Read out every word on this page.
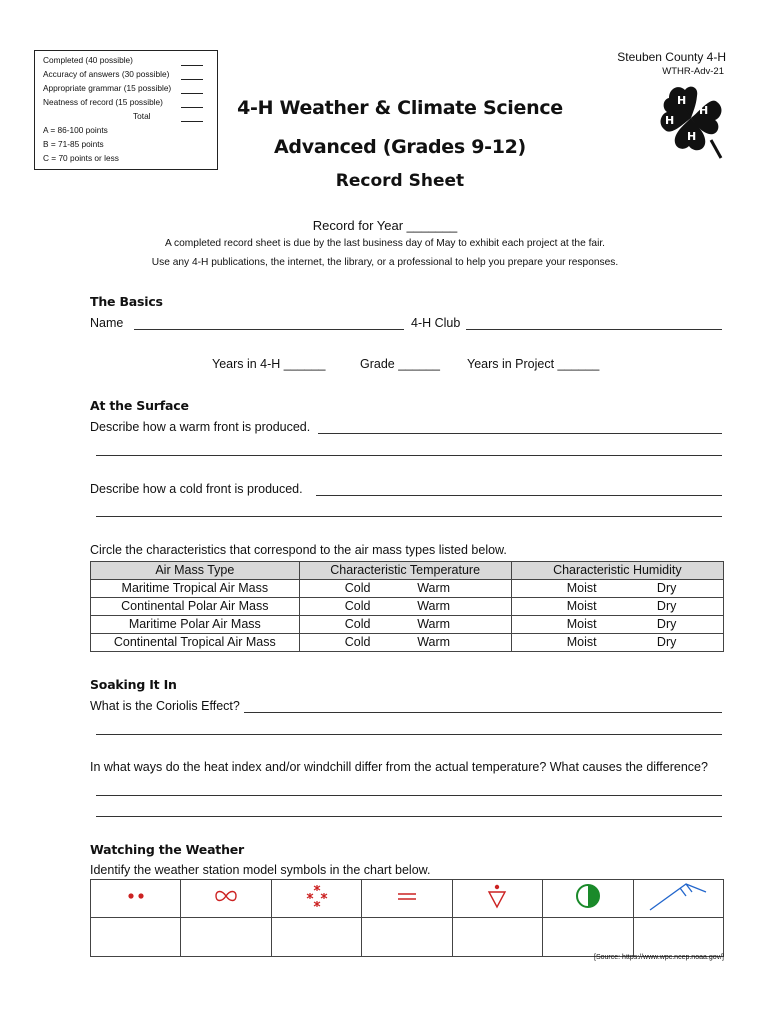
Completed (40 possible)
Accuracy of answers (30 possible)
Appropriate grammar (15 possible)
Neatness of record (15 possible)
Total
A = 86-100 points
B = 71-85 points
C = 70 points or less
Steuben County 4-H
WTHR-Adv-21
H
H
H
H
4-H Weather & Climate Science
Advanced (Grades 9-12)
Record Sheet
Record for Year _______
A completed record sheet is due by the last business day of May to exhibit each project at the fair.
Use any 4-H publications, the internet, the library, or a professional to help you prepare your responses.
The Basics
Name	4-H Club
Years in 4-H ______	Grade ______ Years in Project ______
At the Surface
Describe how a warm front is produced.
Describe how a cold front is produced.
Circle the characteristics that correspond to the air mass types listed below.
Air Mass Type	Characteristic Temperature	Characteristic Humidity
Maritime Tropical Air Mass	Cold Warm	Moist Dry

Continental Polar Air Mass	Cold Warm	Moist Dry

Maritime Polar Air Mass	Cold Warm	Moist Dry

Continental Tropical Air Mass	Cold Warm	Moist Dry
Soaking It In
What is the Coriolis Effect?
In what ways do the heat index and/or windchill differ from the actual temperature? What causes the difference?
Watching the Weather
Identify the weather station model symbols in the chart below.

[Source: https://www.wpc.ncep.noaa.gov/]
